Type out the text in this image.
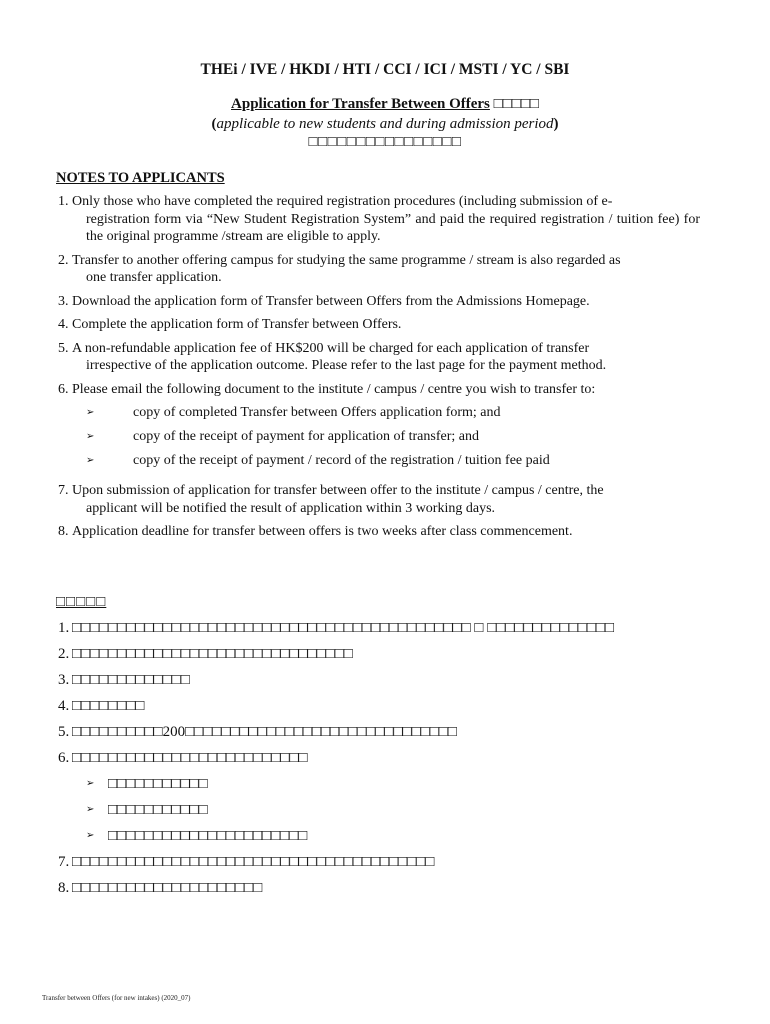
THEi / IVE / HKDI / HTI / CCI / ICI / MSTI / YC / SBI
Application for Transfer Between Offers □□□□□
(applicable to new students and during admission period)
□□□□□□□□□□□□□□□□
NOTES TO APPLICANTS
1. Only those who have completed the required registration procedures (including submission of e-
registration form via “New Student Registration System” and paid the required registration / tuition fee) for the original programme /stream are eligible to apply.
2. Transfer to another offering campus for studying the same programme / stream is also regarded as
one transfer application.
3. Download the application form of Transfer between Offers from the Admissions Homepage.
4. Complete the application form of Transfer between Offers.
5. A non-refundable application fee of HK$200 will be charged for each application of transfer
irrespective of the application outcome. Please refer to the last page for the payment method.
6. Please email the following document to the institute / campus / centre you wish to transfer to:
➢	copy of completed Transfer between Offers application form; and
➢	copy of the receipt of payment for application of transfer; and
➢	copy of the receipt of payment / record of the registration / tuition fee paid
7. Upon submission of application for transfer between offer to the institute / campus / centre, the
applicant will be notified the result of application within 3 working days.
8. Application deadline for transfer between offers is two weeks after class commencement.
□□□□□
1. □□□□□□□□□□□□□□□□□□□□□□□□□□□□□□□□□□□□□□□□□□□□ □ □□□□□□□□□□□□□□
2. □□□□□□□□□□□□□□□□□□□□□□□□□□□□□□□
3. □□□□□□□□□□□□□
4. □□□□□□□□
5. □□□□□□□□□□200□□□□□□□□□□□□□□□□□□□□□□□□□□□□□□
6. □□□□□□□□□□□□□□□□□□□□□□□□□□
➢ □□□□□□□□□□□
➢ □□□□□□□□□□□
➢ □□□□□□□□□□□□□□□□□□□□□□
7. □□□□□□□□□□□□□□□□□□□□□□□□□□□□□□□□□□□□□□□□
8. □□□□□□□□□□□□□□□□□□□□□
Transfer between Offers (for new intakes) (2020_07)
